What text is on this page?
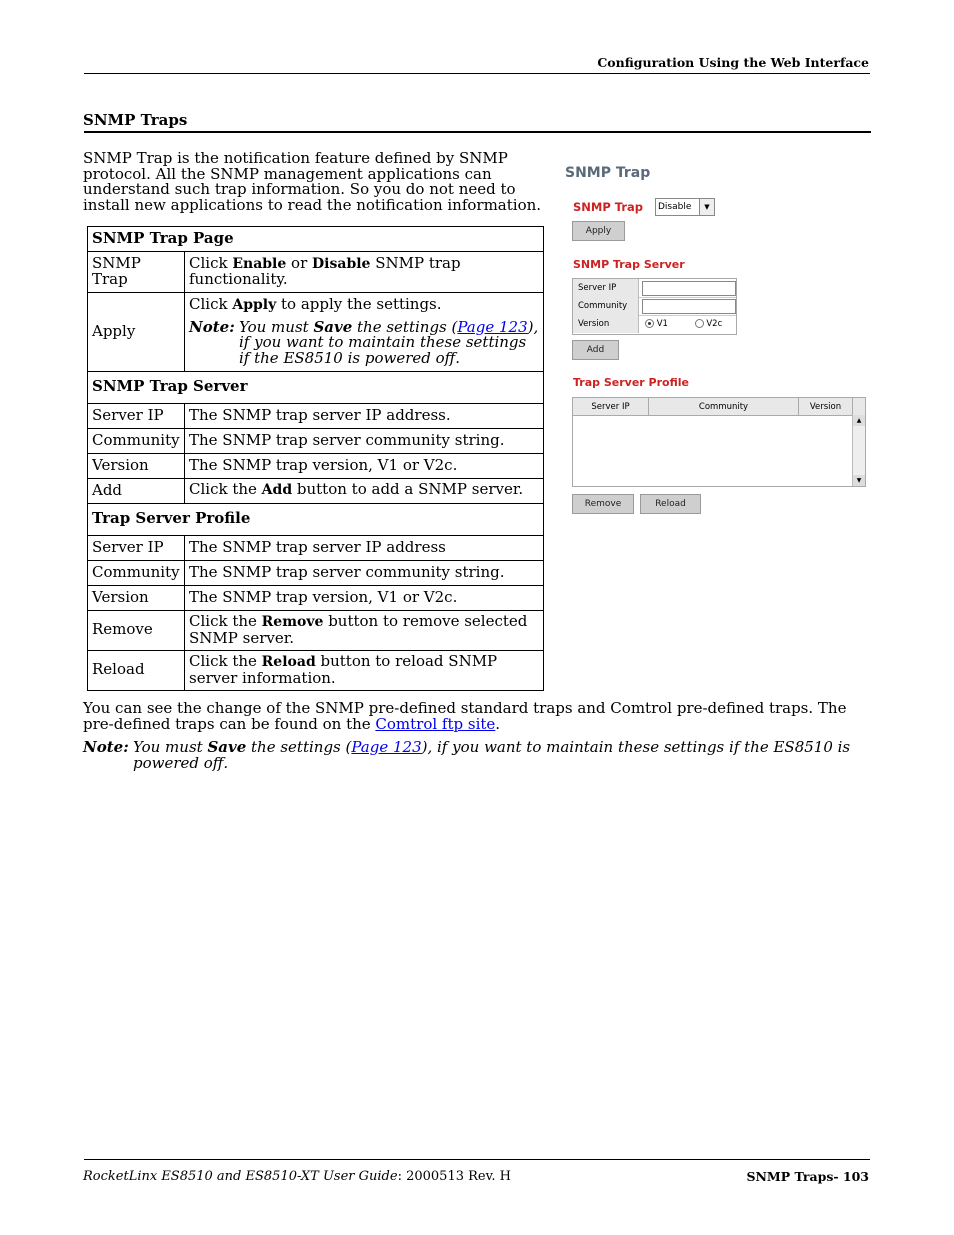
Configuration Using the Web Interface
SNMP Traps
SNMP Trap is the notification feature defined by SNMP protocol. All the SNMP management applications can understand such trap information. So you do not need to install new applications to read the notification information.
SNMP Trap Page	
SNMP Trap	Click Enable or Disable SNMP trap functionality.
Apply	Click Apply to apply the settings.
Note: You must Save the settings (Page 123), if you want to maintain these settings if the ES8510 is powered off.

SNMP Trap Server	
Server IP	The SNMP trap server IP address.
Community	The SNMP trap server community string.
Version	The SNMP trap version, V1 or V2c.
Add	Click the Add button to add a SNMP server.
Trap Server Profile	
Server IP	The SNMP trap server IP address
Community	The SNMP trap server community string.
Version	The SNMP trap version, V1 or V2c.
Remove	Click the Remove button to remove selected SNMP server.
Reload	Click the Reload button to reload SNMP server information.
SNMP Trap
SNMP Trap Disable	▼
Apply
SNMP Trap Server
Server IP
Community
Version	V1	V2c
Add
Trap Server Profile
Server IP	Community	Version
▲
▼
Remove	Reload
You can see the change of the SNMP pre-defined standard traps and Comtrol pre-defined traps. The pre-defined traps can be found on the Comtrol ftp site.
Note: You must Save the settings (Page 123), if you want to maintain these settings if the ES8510 is powered off.
RocketLinx ES8510 and ES8510-XT User Guide: 2000513 Rev. H	SNMP Traps- 103
